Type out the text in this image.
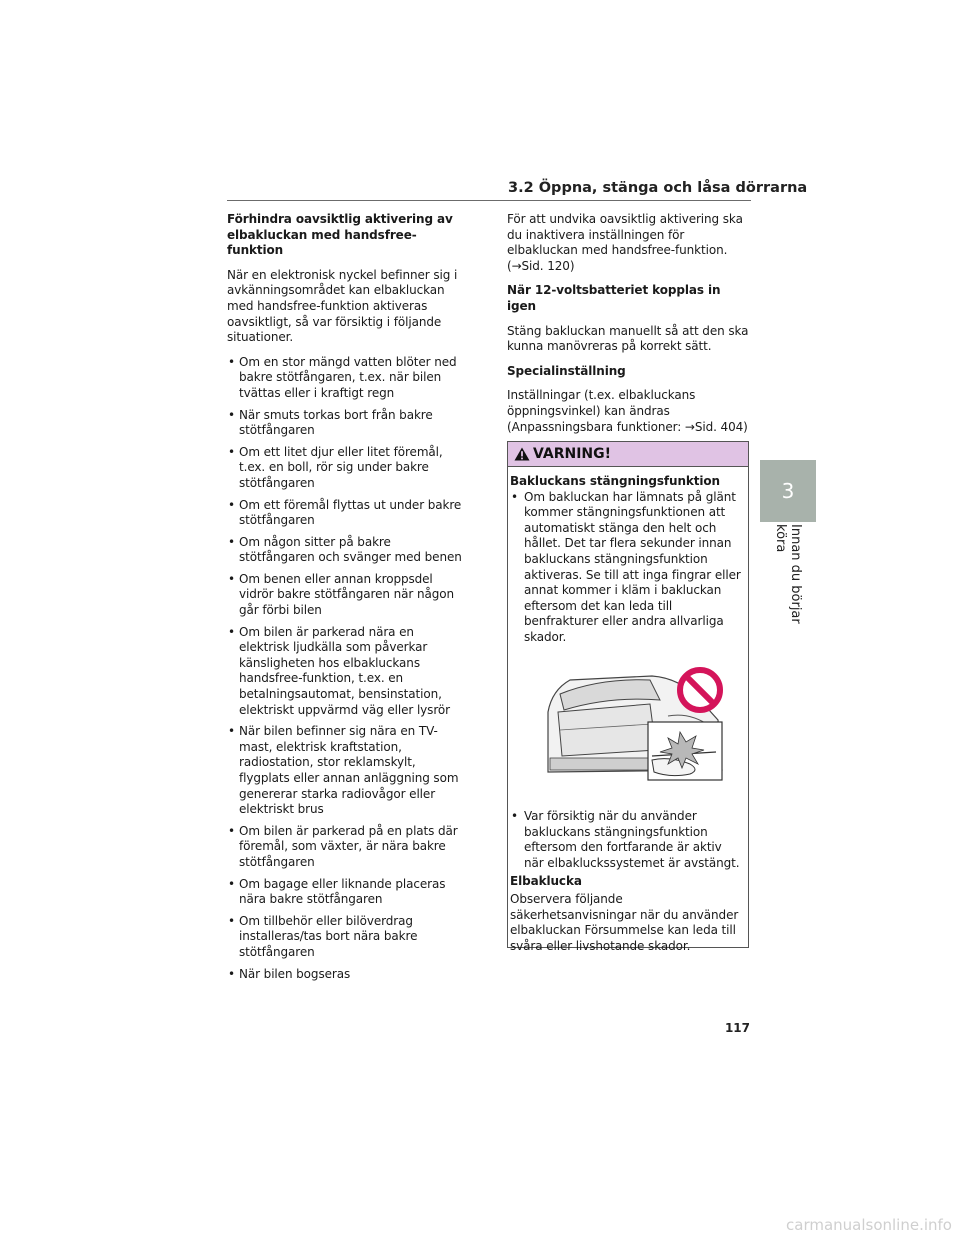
3.2 Öppna, stänga och låsa dörrarna
Förhindra oavsiktlig aktivering av elbakluckan med handsfree-funktion

När en elektronisk nyckel befinner sig i avkänningsområdet kan elbakluckan med handsfree-funktion aktiveras oavsiktligt, så var försiktig i följande situationer.

• Om en stor mängd vatten blöter ned bakre stötfångaren, t.ex. när bilen tvättas eller i kraftigt regn
• När smuts torkas bort från bakre stötfångaren
• Om ett litet djur eller litet föremål, t.ex. en boll, rör sig under bakre stötfångaren
• Om ett föremål flyttas ut under bakre stötfångaren
• Om någon sitter på bakre stötfångaren och svänger med benen
• Om benen eller annan kroppsdel vidrör bakre stötfångaren när någon går förbi bilen
• Om bilen är parkerad nära en elektrisk ljudkälla som påverkar känsligheten hos elbakluckans handsfree-funktion, t.ex. en betalningsautomat, bensinstation, elektriskt uppvärmd väg eller lysrör
• När bilen befinner sig nära en TV-mast, elektrisk kraftstation, radiostation, stor reklamskylt, flygplats eller annan anläggning som genererar starka radiovågor eller elektriskt brus
• Om bilen är parkerad på en plats där föremål, som växter, är nära bakre stötfångaren
• Om bagage eller liknande placeras nära bakre stötfångaren
• Om tillbehör eller bilöverdrag installeras/tas bort nära bakre stötfångaren
• När bilen bogseras

För att undvika oavsiktlig aktivering ska du inaktivera inställningen för elbakluckan med handsfree-funktion. (→Sid. 120)

När 12-voltsbatteriet kopplas in igen

Stäng bakluckan manuellt så att den ska kunna manövreras på korrekt sätt.

Specialinställning

Inställningar (t.ex. elbakluckans öppningsvinkel) kan ändras (Anpassningsbara funktioner: →Sid. 404)

VARNING!

Bakluckans stängningsfunktion

• Om bakluckan har lämnats på glänt kommer stängningsfunktionen att automatiskt stänga den helt och hållet. Det tar flera sekunder innan bakluckans stängningsfunktion aktiveras. Se till att inga fingrar eller annat kommer i kläm i bakluckan eftersom det kan leda till benfrakturer eller andra allvarliga skador.
• Var försiktig när du använder bakluckans stängningsfunktion eftersom den fortfarande är aktiv när elbakluckssystemet är avstängt.

Elbaklucka

Observera följande säkerhetsanvisningar när du använder elbakluckan Försummelse kan leda till svåra eller livshotande skador.

3
Innan du börjar köra
117
carmanualsonline.info
